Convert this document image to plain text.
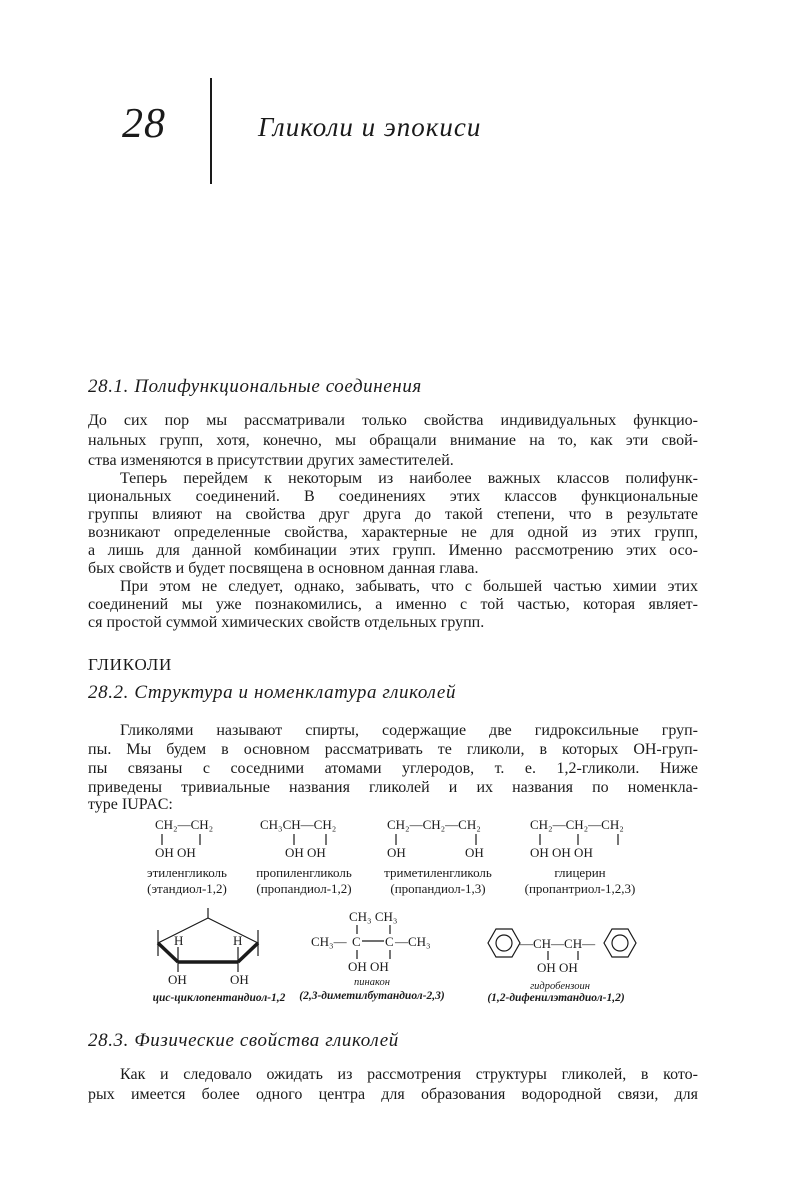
28	Гликоли и эпокиси
28.1. Полифункциональные соединения
До сих пор мы рассматривали только свойства индивидуальных функцио-
нальных групп, хотя, конечно, мы обращали внимание на то, как эти свой-
ства изменяются в присутствии других заместителей.
Теперь перейдем к некоторым из наиболее важных классов полифунк-
циональных соединений. В соединениях этих классов функциональные
группы влияют на свойства друг друга до такой степени, что в результате
возникают определенные свойства, характерные не для одной из этих групп,
а лишь для данной комбинации этих групп. Именно рассмотрению этих осо-
бых свойств и будет посвящена в основном данная глава.
При этом не следует, однако, забывать, что с большей частью химии этих
соединений мы уже познакомились, а именно с той частью, которая являет-
ся простой суммой химических свойств отдельных групп.
ГЛИКОЛИ
28.2. Структура и номенклатура гликолей
Гликолями называют спирты, содержащие две гидроксильные груп-
пы. Мы будем в основном рассматривать те гликоли, в которых ОН-груп-
пы связаны с соседними атомами углеродов, т. е. 1,2-гликоли. Ниже
приведены тривиальные названия гликолей и их названия по номенкла-
туре IUPAC:
CH₂—CH₂
OH OH
этиленгликоль
(этандиол-1,2)
CH₃CH—CH₂
OH OH
пропиленгликоль
(пропандиол-1,2)
CH₂—CH₂—CH₂
OH	OH
триметиленгликоль
(пропандиол-1,3)
CH₂—CH₂—CH₂
OH OH OH
глицерин
(пропантриол-1,2,3)
H	H
OH	OH
цис-циклопентандиол-1,2
CH₃ CH₃
CH₃— C C —CH₃
OH OH
пинакон
(2,3-диметилбутандиол-2,3)
—CH—CH—
OH OH
гидробензоин
(1,2-дифенилэтандиол-1,2)
28.3. Физические свойства гликолей
Как и следовало ожидать из рассмотрения структуры гликолей, в кото-
рых имеется более одного центра для образования водородной связи, для
